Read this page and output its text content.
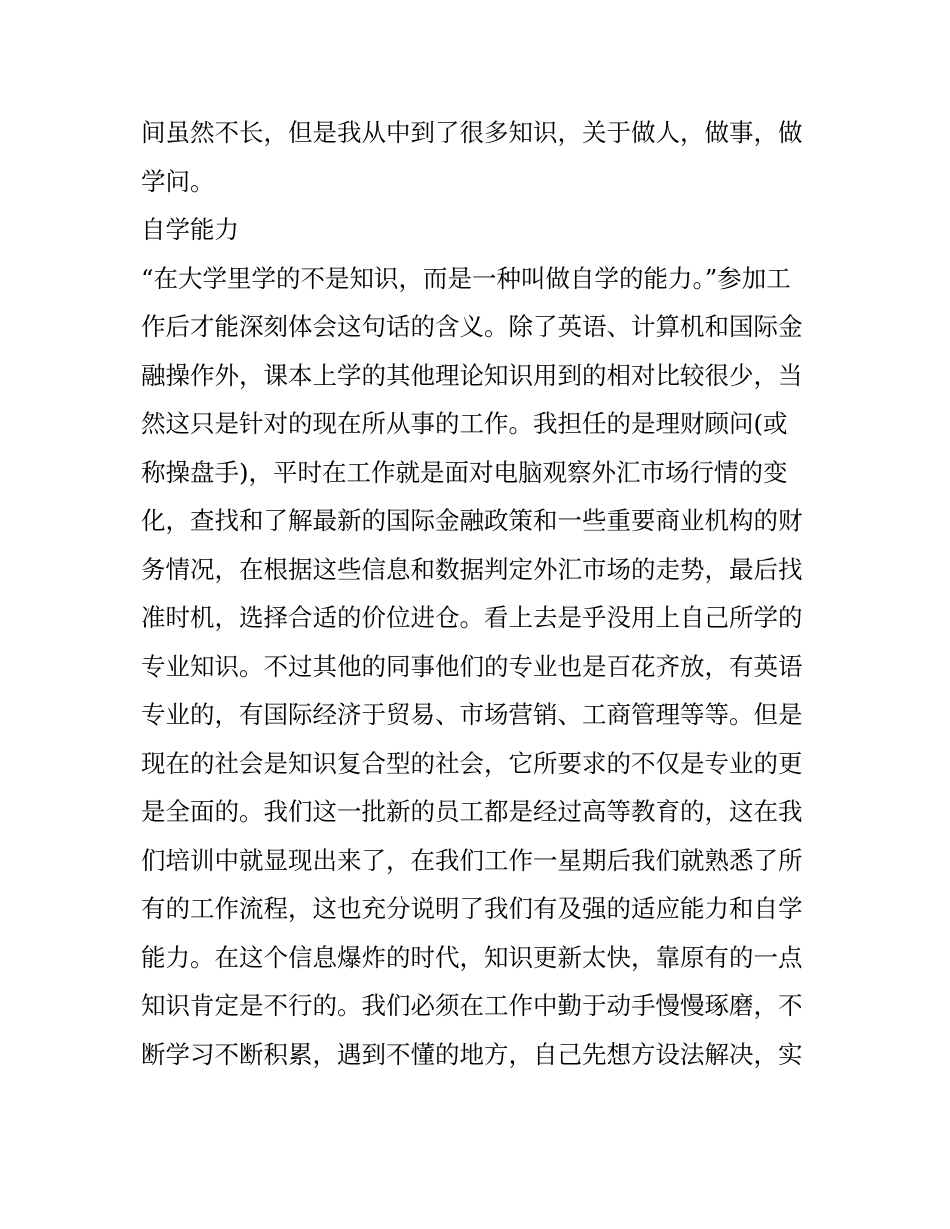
间虽然不长，但是我从中到了很多知识，关于做人，做事，做
学问。
自学能力
“在大学里学的不是知识，而是一种叫做自学的能力。”参加工
作后才能深刻体会这句话的含义。除了英语、计算机和国际金
融操作外，课本上学的其他理论知识用到的相对比较很少，当
然这只是针对的现在所从事的工作。我担任的是理财顾问(或
称操盘手)，平时在工作就是面对电脑观察外汇市场行情的变
化，查找和了解最新的国际金融政策和一些重要商业机构的财
务情况，在根据这些信息和数据判定外汇市场的走势，最后找
准时机，选择合适的价位进仓。看上去是乎没用上自己所学的
专业知识。不过其他的同事他们的专业也是百花齐放，有英语
专业的，有国际经济于贸易、市场营销、工商管理等等。但是
现在的社会是知识复合型的社会，它所要求的不仅是专业的更
是全面的。我们这一批新的员工都是经过高等教育的，这在我
们培训中就显现出来了，在我们工作一星期后我们就熟悉了所
有的工作流程，这也充分说明了我们有及强的适应能力和自学
能力。在这个信息爆炸的时代，知识更新太快，靠原有的一点
知识肯定是不行的。我们必须在工作中勤于动手慢慢琢磨，不
断学习不断积累，遇到不懂的地方，自己先想方设法解决，实
